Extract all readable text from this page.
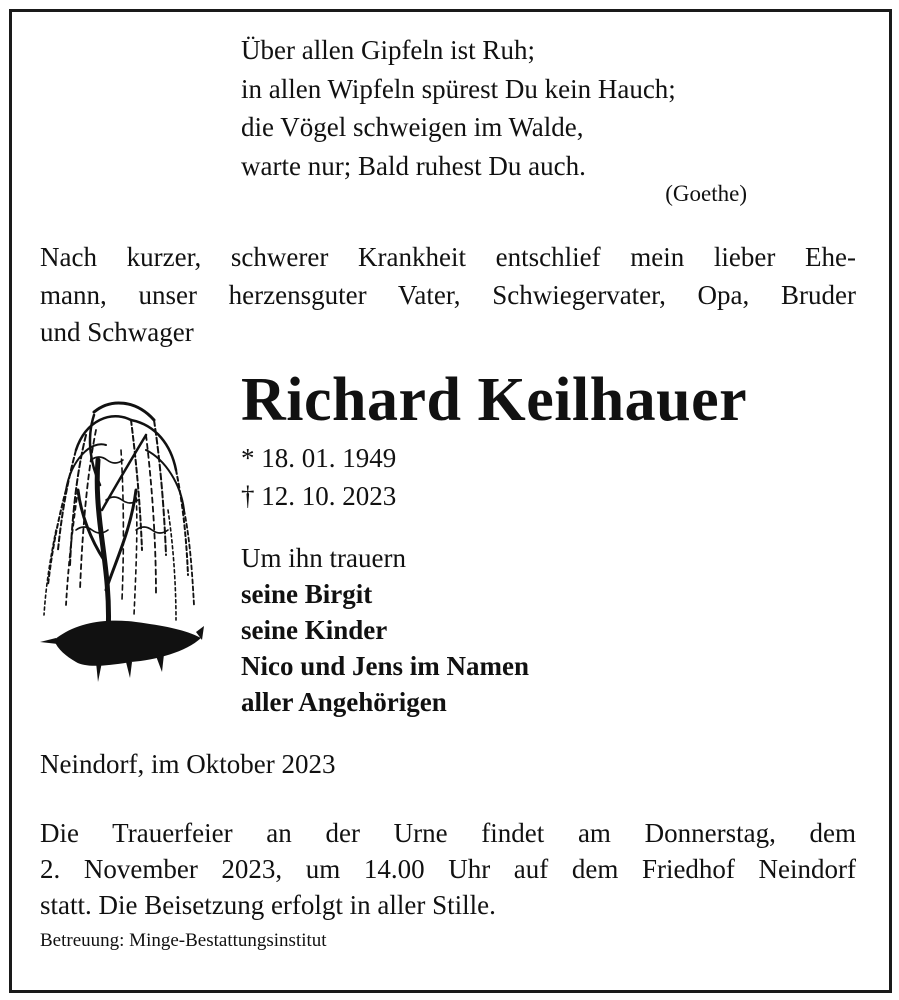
Über allen Gipfeln ist Ruh;
in allen Wipfeln spürest Du kein Hauch;
die Vögel schweigen im Walde,
warte nur; Bald ruhest Du auch.
(Goethe)
Nach kurzer, schwerer Krankheit entschlief mein lieber Ehe-
mann, unser herzensguter Vater, Schwiegervater, Opa, Bruder
und Schwager
Richard Keilhauer
* 18. 01. 1949
† 12. 10. 2023
Um ihn trauern
seine Birgit
seine Kinder
Nico und Jens im Namen
aller Angehörigen
Neindorf, im Oktober 2023
Die Trauerfeier an der Urne findet am Donnerstag, dem
2. November 2023, um 14.00 Uhr auf dem Friedhof Neindorf
statt. Die Beisetzung erfolgt in aller Stille.
Betreuung: Minge-Bestattungsinstitut
